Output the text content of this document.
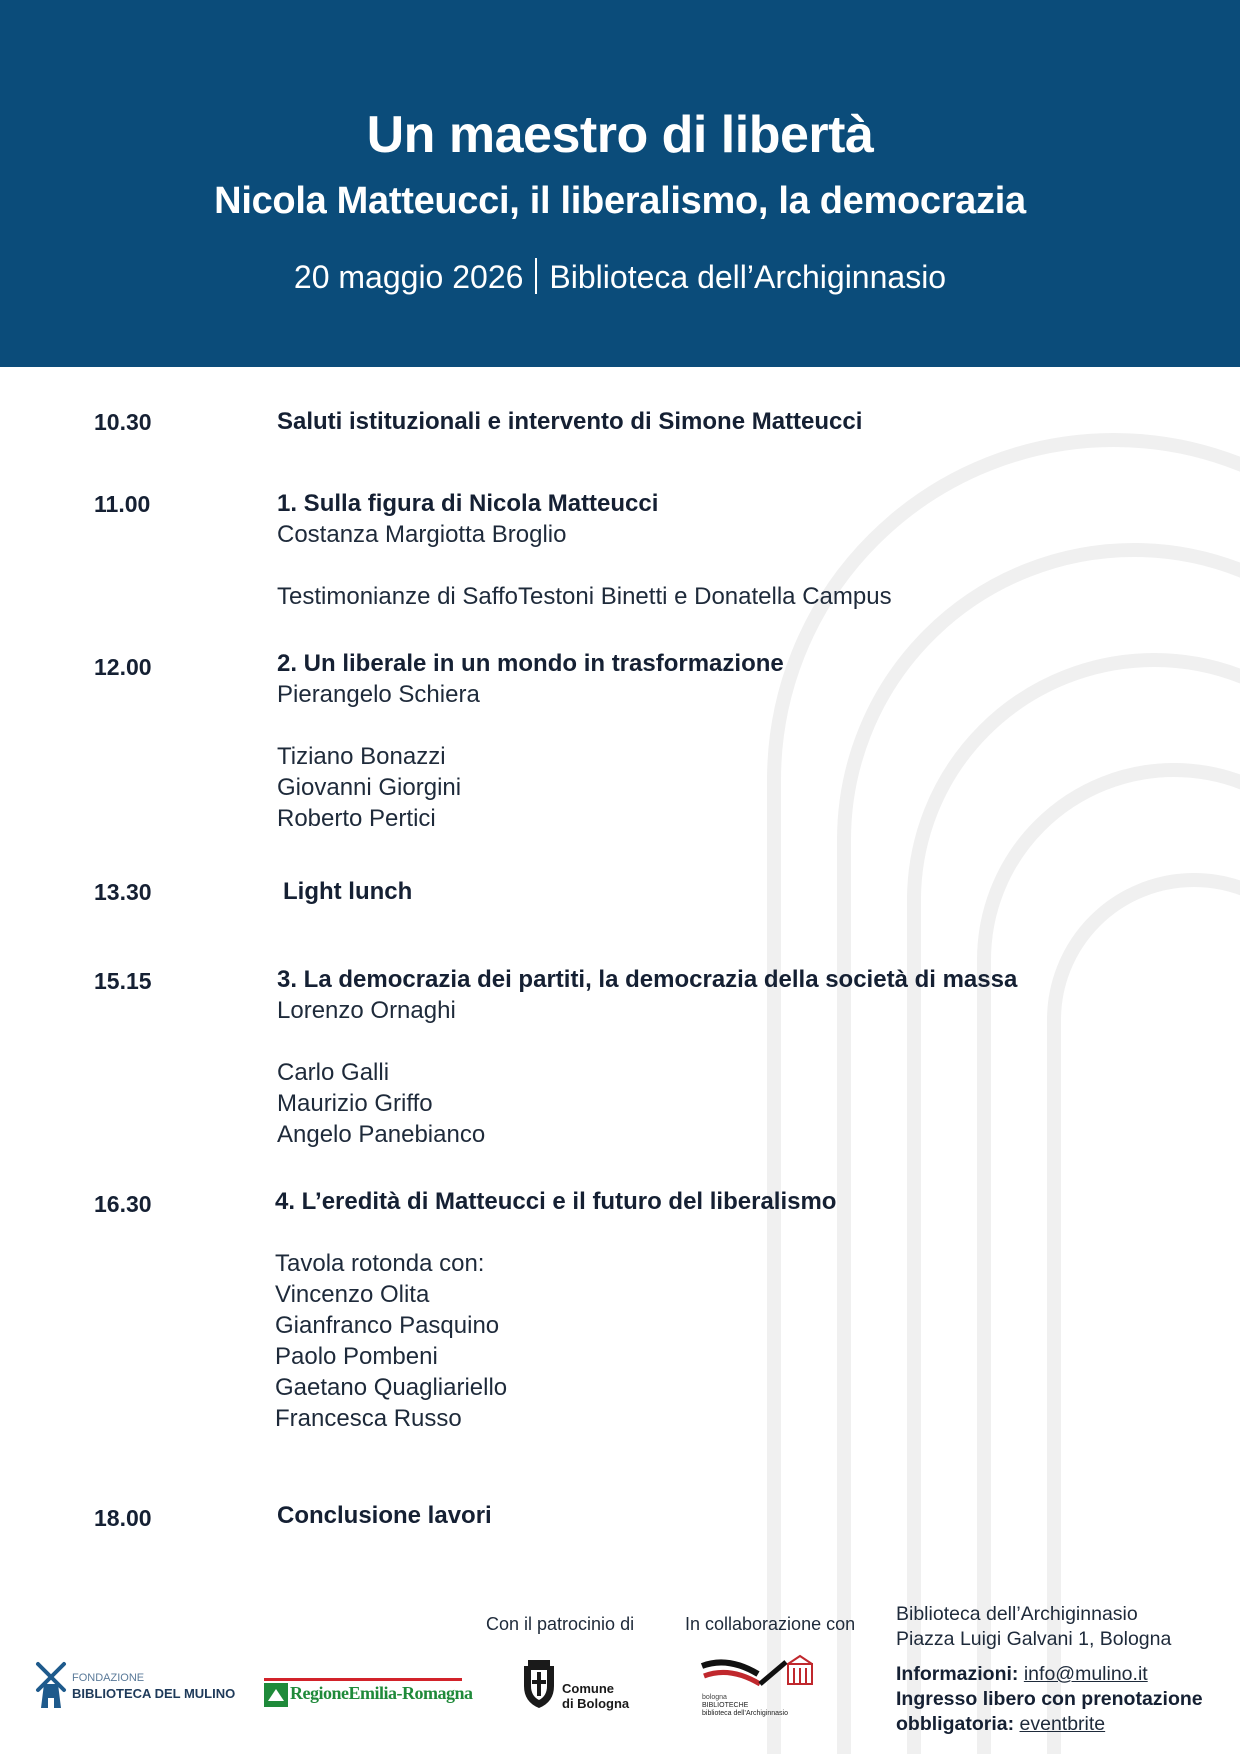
Un maestro di libertà
Nicola Matteucci, il liberalismo, la democrazia
20 maggio 2026 Biblioteca dell’Archiginnasio
10.30	Saluti istituzionali e intervento di Simone Matteucci
11.00	1. Sulla figura di Nicola Matteucci
Costanza Margiotta Broglio
Testimonianze di SaffoTestoni Binetti e Donatella Campus
12.00	2. Un liberale in un mondo in trasformazione
Pierangelo Schiera
Tiziano Bonazzi
Giovanni Giorgini
Roberto Pertici
13.30	Light lunch
15.15	3. La democrazia dei partiti, la democrazia della società di massa
Lorenzo Ornaghi
Carlo Galli
Maurizio Griffo
Angelo Panebianco
16.30	4. L’eredità di Matteucci e il futuro del liberalismo
Tavola rotonda con:
Vincenzo Olita
Gianfranco Pasquino
Paolo Pombeni
Gaetano Quagliariello
Francesca Russo
18.00	Conclusione lavori
Con il patrocinio di	In collaborazione con
FONDAZIONE
BIBLIOTECA DEL MULINO	RegioneEmilia-Romagna	Comune
di Bologna	bologna
BIBLIOTECHE
biblioteca dell’Archiginnasio
Biblioteca dell’Archiginnasio
Piazza Luigi Galvani 1, Bologna
Informazioni: info@mulino.it
Ingresso libero con prenotazione
obbligatoria: eventbrite
